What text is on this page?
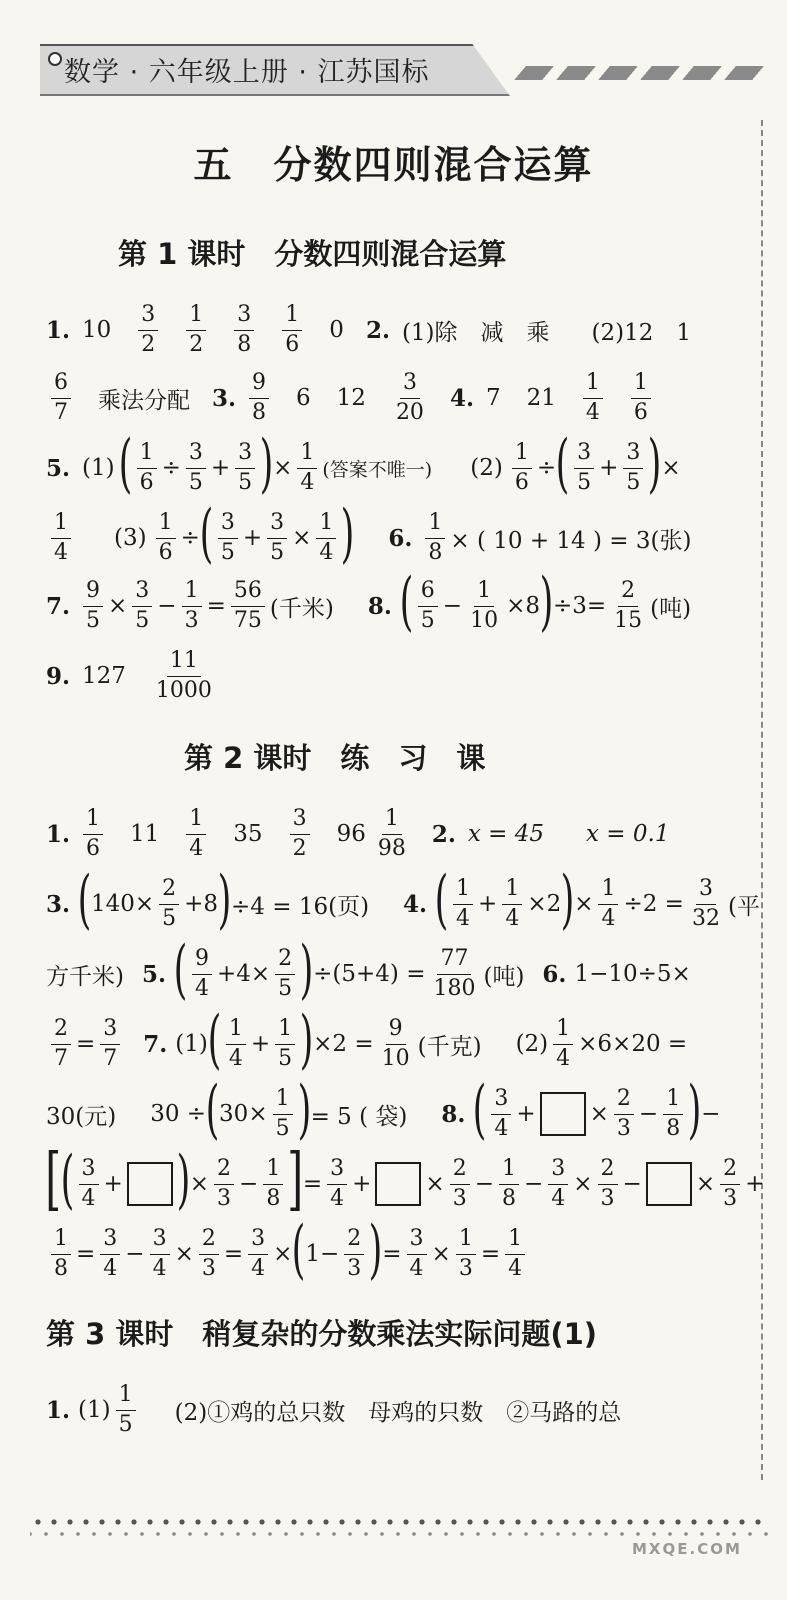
数学 · 六年级上册 · 江苏国标
五　分数四则混合运算
第 1 课时　分数四则混合运算
1. $10 \frac{3}{2} \frac{1}{2} \frac{3}{8} \frac{1}{6} 0$ 2. (1)除　减　乘 (2)12　1
$\frac{6}{7}$ 乘法分配 3. $\frac{9}{8} 6$ $12 \frac{3}{20} 4$. 7 $21 \frac{1}{4} \frac{1}{6}$
5. (1) ( $\frac{1}{6} \div \frac{3}{5} + \frac{3}{5}$ ) × $\frac{1}{4}$ (答案不唯一) $(2) \frac{1}{6}$ ÷ ( $\frac{3}{5} + \frac{3}{5}$ ) ×
$\frac{1}{4} (3) \frac{1}{6}$ ÷ ( $\frac{3}{5} + \frac{3}{5} \times \frac{1}{4}$ ) 6. $\frac{1}{8}$ × ( 10 + 14 ) = 3(张)
7. $\frac{9}{5} \times \frac{3}{5} - \frac{1}{3} = \frac{56}{75}$ (千米) 8. ( $\frac{6}{5} - \frac{1}{10} \times 8$ ) $\div 3= \frac{2}{15}$ (吨)
9. $127 \frac{11}{1000}$
第 2 课时　练　习　课
1. $\frac{1}{6} 11 \frac{1}{4} 35 \frac{3}{2} 96 \frac{1}{98} 2$. x = 45 x = 0.1
3. ( $140\times \frac{2}{5} +8$ ) ÷4 = 16(页) 4. ( $\frac{1}{4} + \frac{1}{4} \times 2$ ) × $\frac{1}{4} \div 2 = \frac{3}{32}$ (平
方千米) 5. ( $\frac{9}{4} +4\times \frac{2}{5}$ ) $\div(5+4) = \frac{77}{180}$ (吨) 6. 1−10÷5×
$\frac{2}{7} = \frac{3}{7} 7$. (1) ( $\frac{1}{4} + \frac{1}{5}$ ) $\times 2 = \frac{9}{10}$ (千克) $(2) \frac{1}{4} \times 6\times 20$ =
30(元) 30 ÷ ( $30\times \frac{1}{5}$ ) = 5 ( 袋) 8. ( $\frac{3}{4}$ + × $\frac{2}{3} - \frac{1}{8}$ ) −
[
( $\frac{3}{4}$ + ) × $\frac{2}{3} - \frac{1}{8}$ ] = $\frac{3}{4}$ + × $\frac{2}{3} - \frac{1}{8} - \frac{3}{4} \times \frac{2}{3}$ − × $\frac{2}{3}$ +
$\frac{1}{8} = \frac{3}{4} - \frac{3}{4} \times \frac{2}{3} = \frac{3}{4}$ × ( $1 - \frac{2}{3}$ ) = $\frac{3}{4} \times \frac{1}{3} = \frac{1}{4}$
第 3 课时　稍复杂的分数乘法实际问题(1)
1. $(1) \frac{1}{5}$ (2)①鸡的总只数　母鸡的只数　②马路的总
MXQE.COM
